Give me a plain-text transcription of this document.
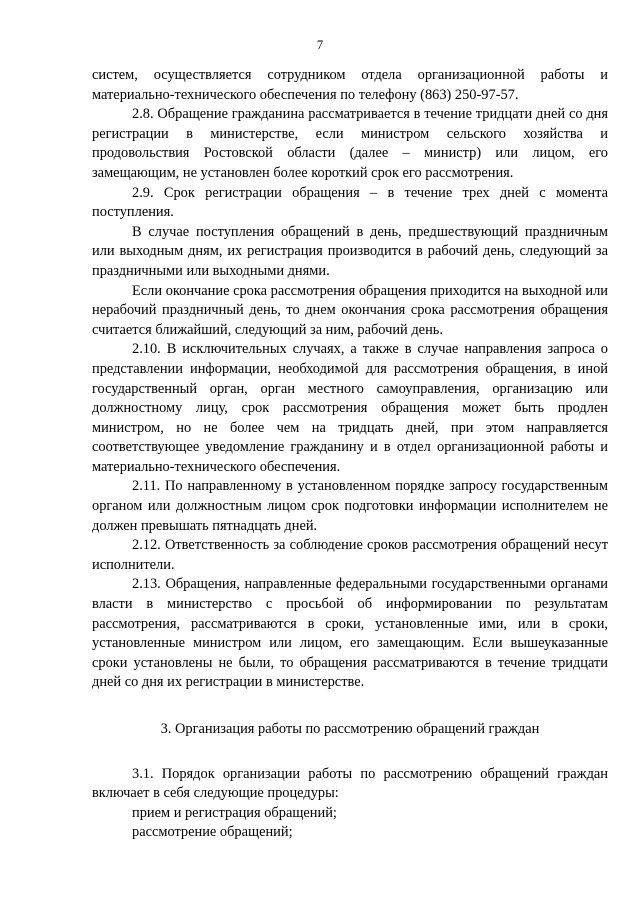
7

систем, осуществляется сотрудником отдела организационной работы и материально-технического обеспечения по телефону (863) 250-97-57.

2.8. Обращение гражданина рассматривается в течение тридцати дней со дня регистрации в министерстве, если министром сельского хозяйства и продовольствия Ростовской области (далее – министр) или лицом, его замещающим, не установлен более короткий срок его рассмотрения.

2.9. Срок регистрации обращения – в течение трех дней с момента поступления.

В случае поступления обращений в день, предшествующий праздничным или выходным дням, их регистрация производится в рабочий день, следующий за праздничными или выходными днями.

Если окончание срока рассмотрения обращения приходится на выходной или нерабочий праздничный день, то днем окончания срока рассмотрения обращения считается ближайший, следующий за ним, рабочий день.

2.10. В исключительных случаях, а также в случае направления запроса о представлении информации, необходимой для рассмотрения обращения, в иной государственный орган, орган местного самоуправления, организацию или должностному лицу, срок рассмотрения обращения может быть продлен министром, но не более чем на тридцать дней, при этом направляется соответствующее уведомление гражданину и в отдел организационной работы и материально-технического обеспечения.

2.11. По направленному в установленном порядке запросу государственным органом или должностным лицом срок подготовки информации исполнителем не должен превышать пятнадцать дней.

2.12. Ответственность за соблюдение сроков рассмотрения обращений несут исполнители.

2.13. Обращения, направленные федеральными государственными органами власти в министерство с просьбой об информировании по результатам рассмотрения, рассматриваются в сроки, установленные ими, или в сроки, установленные министром или лицом, его замещающим. Если вышеуказанные сроки установлены не были, то обращения рассматриваются в течение тридцати дней со дня их регистрации в министерстве.

3. Организация работы по рассмотрению обращений граждан

3.1. Порядок организации работы по рассмотрению обращений граждан включает в себя следующие процедуры:

прием и регистрация обращений;

рассмотрение обращений;
